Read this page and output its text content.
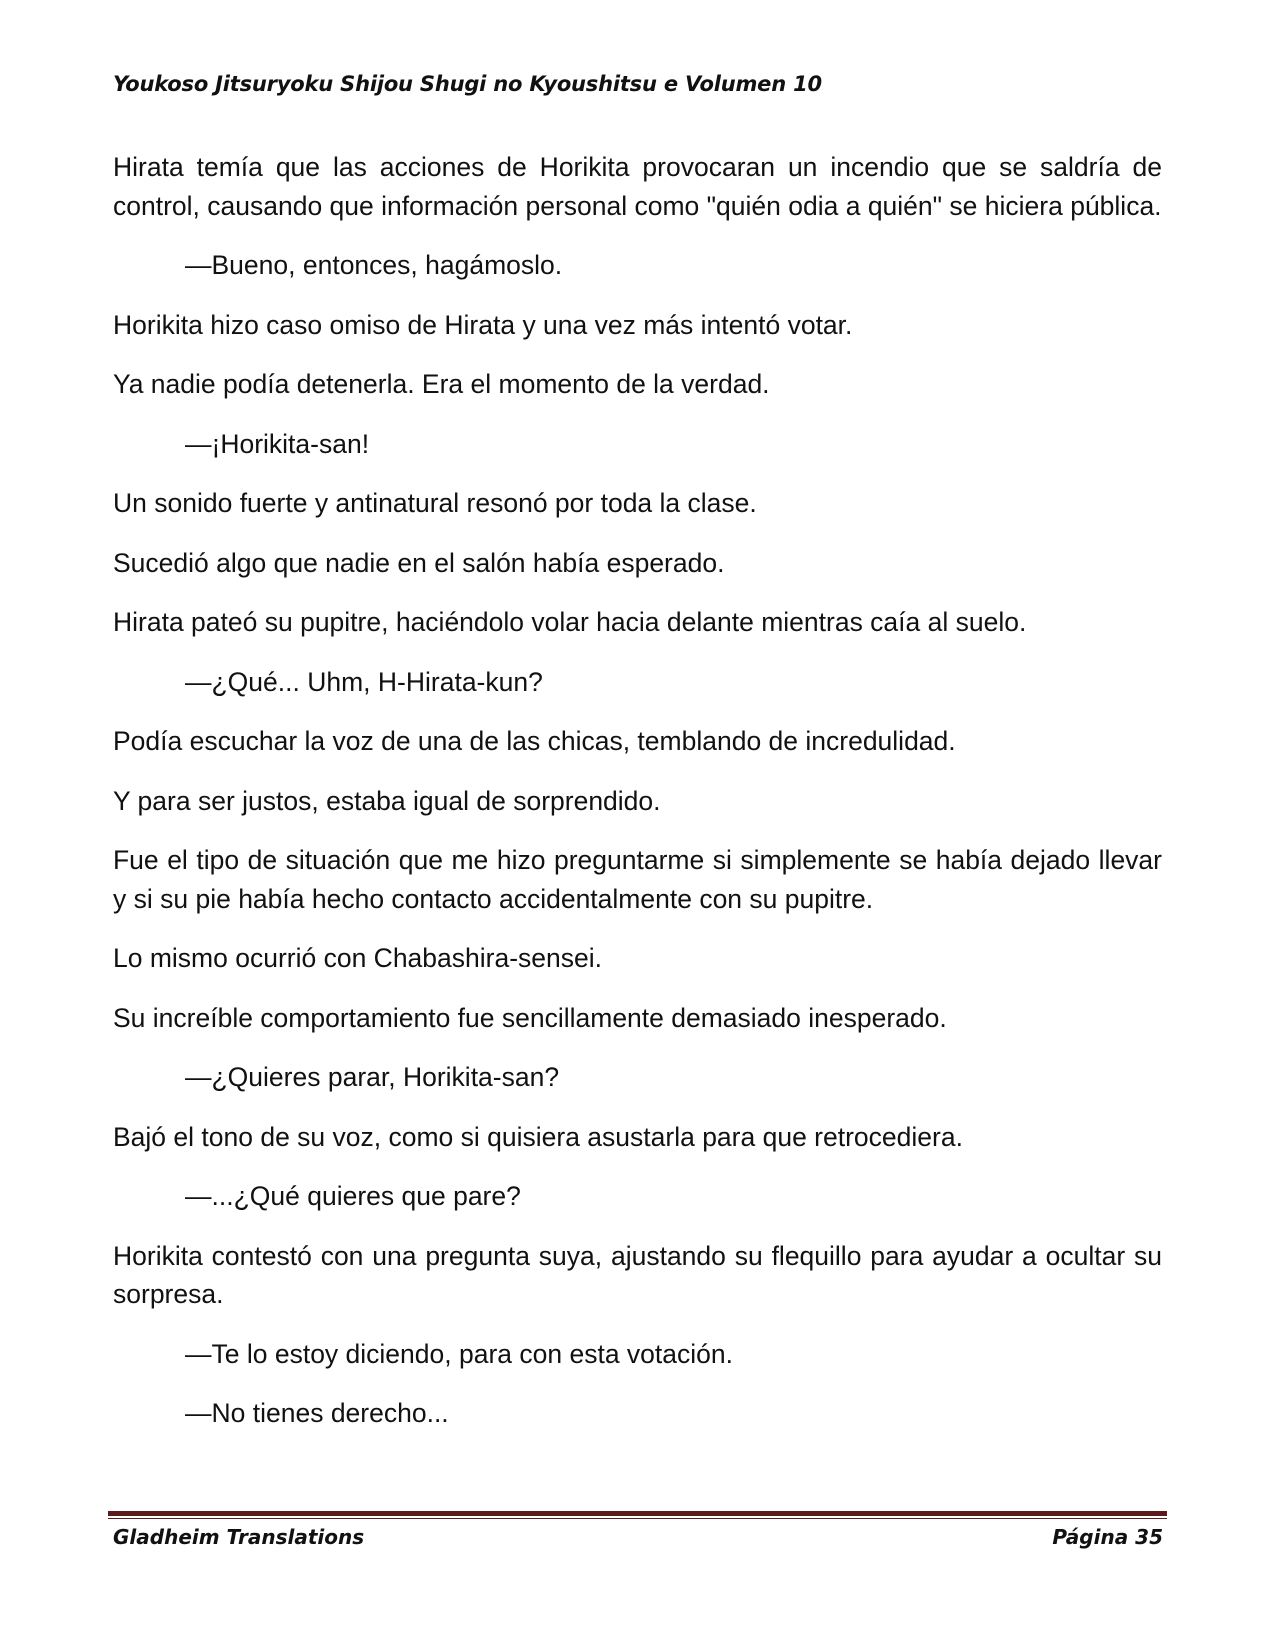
Youkoso Jitsuryoku Shijou Shugi no Kyoushitsu e Volumen 10

Hirata temía que las acciones de Horikita provocaran un incendio que se saldría de control, causando que información personal como "quién odia a quién" se hiciera pública.

—Bueno, entonces, hagámoslo.

Horikita hizo caso omiso de Hirata y una vez más intentó votar.

Ya nadie podía detenerla. Era el momento de la verdad.

—¡Horikita-san!

Un sonido fuerte y antinatural resonó por toda la clase.

Sucedió algo que nadie en el salón había esperado.

Hirata pateó su pupitre, haciéndolo volar hacia delante mientras caía al suelo.

—¿Qué... Uhm, H-Hirata-kun?

Podía escuchar la voz de una de las chicas, temblando de incredulidad.

Y para ser justos, estaba igual de sorprendido.

Fue el tipo de situación que me hizo preguntarme si simplemente se había dejado llevar y si su pie había hecho contacto accidentalmente con su pupitre.

Lo mismo ocurrió con Chabashira-sensei.

Su increíble comportamiento fue sencillamente demasiado inesperado.

—¿Quieres parar, Horikita-san?

Bajó el tono de su voz, como si quisiera asustarla para que retrocediera.

—...¿Qué quieres que pare?

Horikita contestó con una pregunta suya, ajustando su flequillo para ayudar a ocultar su sorpresa.

—Te lo estoy diciendo, para con esta votación.

—No tienes derecho...

Gladheim Translations	Página 35
